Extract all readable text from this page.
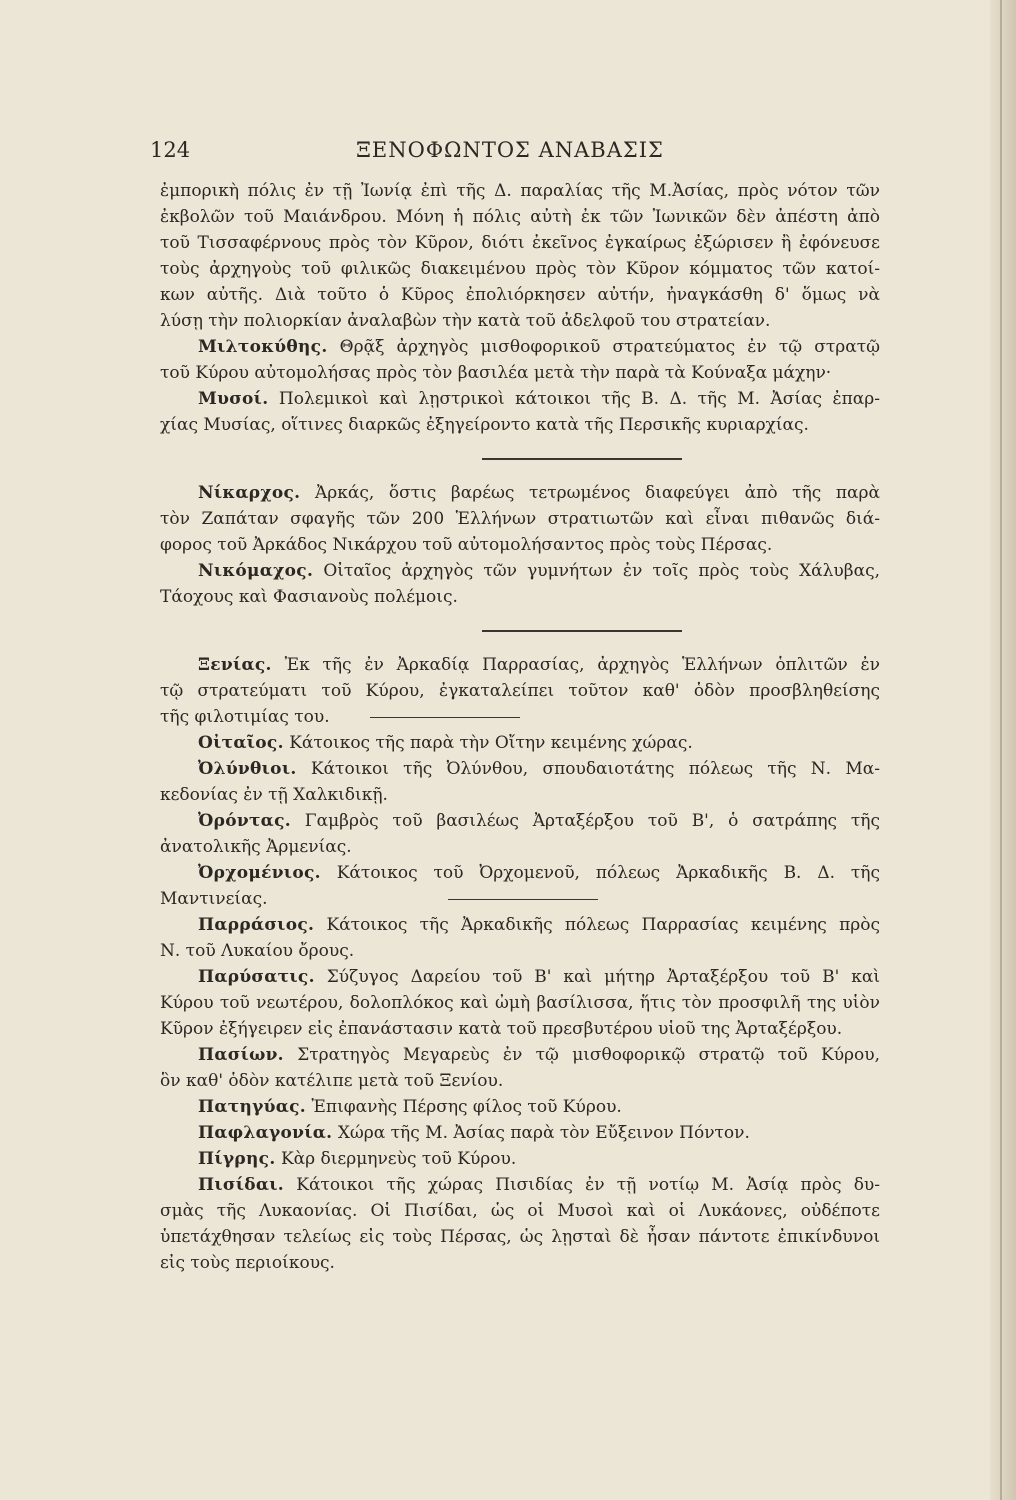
124	ΞΕΝΟΦΩΝΤΟΣ ΑΝΑΒΑΣΙΣ

ἐμπορικὴ πόλις ἐν τῇ Ἰωνίᾳ ἐπὶ τῆς Δ. παραλίας τῆς Μ.Ἀσίας, πρὸς νότον τῶν
ἐκβολῶν τοῦ Μαιάνδρου. Μόνη ἡ πόλις αὐτὴ ἐκ τῶν Ἰωνικῶν δὲν ἀπέστη ἀπὸ
τοῦ Τισσαφέρνους πρὸς τὸν Κῦρον, διότι ἐκεῖνος ἐγκαίρως ἐξώρισεν ἢ ἐφόνευσε
τοὺς ἀρχηγοὺς τοῦ φιλικῶς διακειμένου πρὸς τὸν Κῦρον κόμματος τῶν κατοί-
κων αὐτῆς. Διὰ τοῦτο ὁ Κῦρος ἐπολιόρκησεν αὐτήν, ἠναγκάσθη δ' ὅμως νὰ
λύσῃ τὴν πολιορκίαν ἀναλαβὼν τὴν κατὰ τοῦ ἀδελφοῦ του στρατείαν.

Μιλτοκύθης. Θρᾷξ ἀρχηγὸς μισθοφορικοῦ στρατεύματος ἐν τῷ στρατῷ
τοῦ Κύρου αὐτομολήσας πρὸς τὸν βασιλέα μετὰ τὴν παρὰ τὰ Κούναξα μάχην·

Μυσοί. Πολεμικοὶ καὶ λῃστρικοὶ κάτοικοι τῆς Β. Δ. τῆς Μ. Ἀσίας ἐπαρ-
χίας Μυσίας, οἵτινες διαρκῶς ἐξηγείροντο κατὰ τῆς Περσικῆς κυριαρχίας.

Νίκαρχος. Ἀρκάς, ὅστις βαρέως τετρωμένος διαφεύγει ἀπὸ τῆς παρὰ
τὸν Ζαπάταν σφαγῆς τῶν 200 Ἑλλήνων στρατιωτῶν καὶ εἶναι πιθανῶς διά-
φορος τοῦ Ἀρκάδος Νικάρχου τοῦ αὐτομολήσαντος πρὸς τοὺς Πέρσας.

Νικόμαχος. Οἰταῖος ἀρχηγὸς τῶν γυμνήτων ἐν τοῖς πρὸς τοὺς Χάλυβας,
Τάοχους καὶ Φασιανοὺς πολέμοις.

Ξενίας. Ἐκ τῆς ἐν Ἀρκαδίᾳ Παρρασίας, ἀρχηγὸς Ἑλλήνων ὁπλιτῶν ἐν
τῷ στρατεύματι τοῦ Κύρου, ἐγκαταλείπει τοῦτον καθ' ὁδὸν προσβληθείσης
τῆς φιλοτιμίας του.

Οἰταῖος. Κάτοικος τῆς παρὰ τὴν Οἴτην κειμένης χώρας.

Ὀλύνθιοι. Κάτοικοι τῆς Ὀλύνθου, σπουδαιοτάτης πόλεως τῆς Ν. Μα-
κεδονίας ἐν τῇ Χαλκιδικῇ.

Ὀρόντας. Γαμβρὸς τοῦ βασιλέως Ἀρταξέρξου τοῦ Β', ὁ σατράπης τῆς
ἀνατολικῆς Ἀρμενίας.

Ὀρχομένιος. Κάτοικος τοῦ Ὀρχομενοῦ, πόλεως Ἀρκαδικῆς Β. Δ. τῆς
Μαντινείας.

Παρράσιος. Κάτοικος τῆς Ἀρκαδικῆς πόλεως Παρρασίας κειμένης πρὸς
Ν. τοῦ Λυκαίου ὄρους.

Παρύσατις. Σύζυγος Δαρείου τοῦ Β' καὶ μήτηρ Ἀρταξέρξου τοῦ Β' καὶ
Κύρου τοῦ νεωτέρου, δολοπλόκος καὶ ὠμὴ βασίλισσα, ἥτις τὸν προσφιλῆ της υἱὸν
Κῦρον ἐξήγειρεν εἰς ἐπανάστασιν κατὰ τοῦ πρεσβυτέρου υἱοῦ της Ἀρταξέρξου.

Πασίων. Στρατηγὸς Μεγαρεὺς ἐν τῷ μισθοφορικῷ στρατῷ τοῦ Κύρου,
ὃν καθ' ὁδὸν κατέλιπε μετὰ τοῦ Ξενίου.

Πατηγύας. Ἐπιφανὴς Πέρσης φίλος τοῦ Κύρου.

Παφλαγονία. Χώρα τῆς Μ. Ἀσίας παρὰ τὸν Εὔξεινον Πόντον.

Πίγρης. Κὰρ διερμηνεὺς τοῦ Κύρου.

Πισίδαι. Κάτοικοι τῆς χώρας Πισιδίας ἐν τῇ νοτίῳ Μ. Ἀσίᾳ πρὸς δυ-
σμὰς τῆς Λυκαονίας. Οἱ Πισίδαι, ὡς οἱ Μυσοὶ καὶ οἱ Λυκάονες, οὐδέποτε
ὑπετάχθησαν τελείως εἰς τοὺς Πέρσας, ὡς λῃσταὶ δὲ ἦσαν πάντοτε ἐπικίνδυνοι
εἰς τοὺς περιοίκους.
